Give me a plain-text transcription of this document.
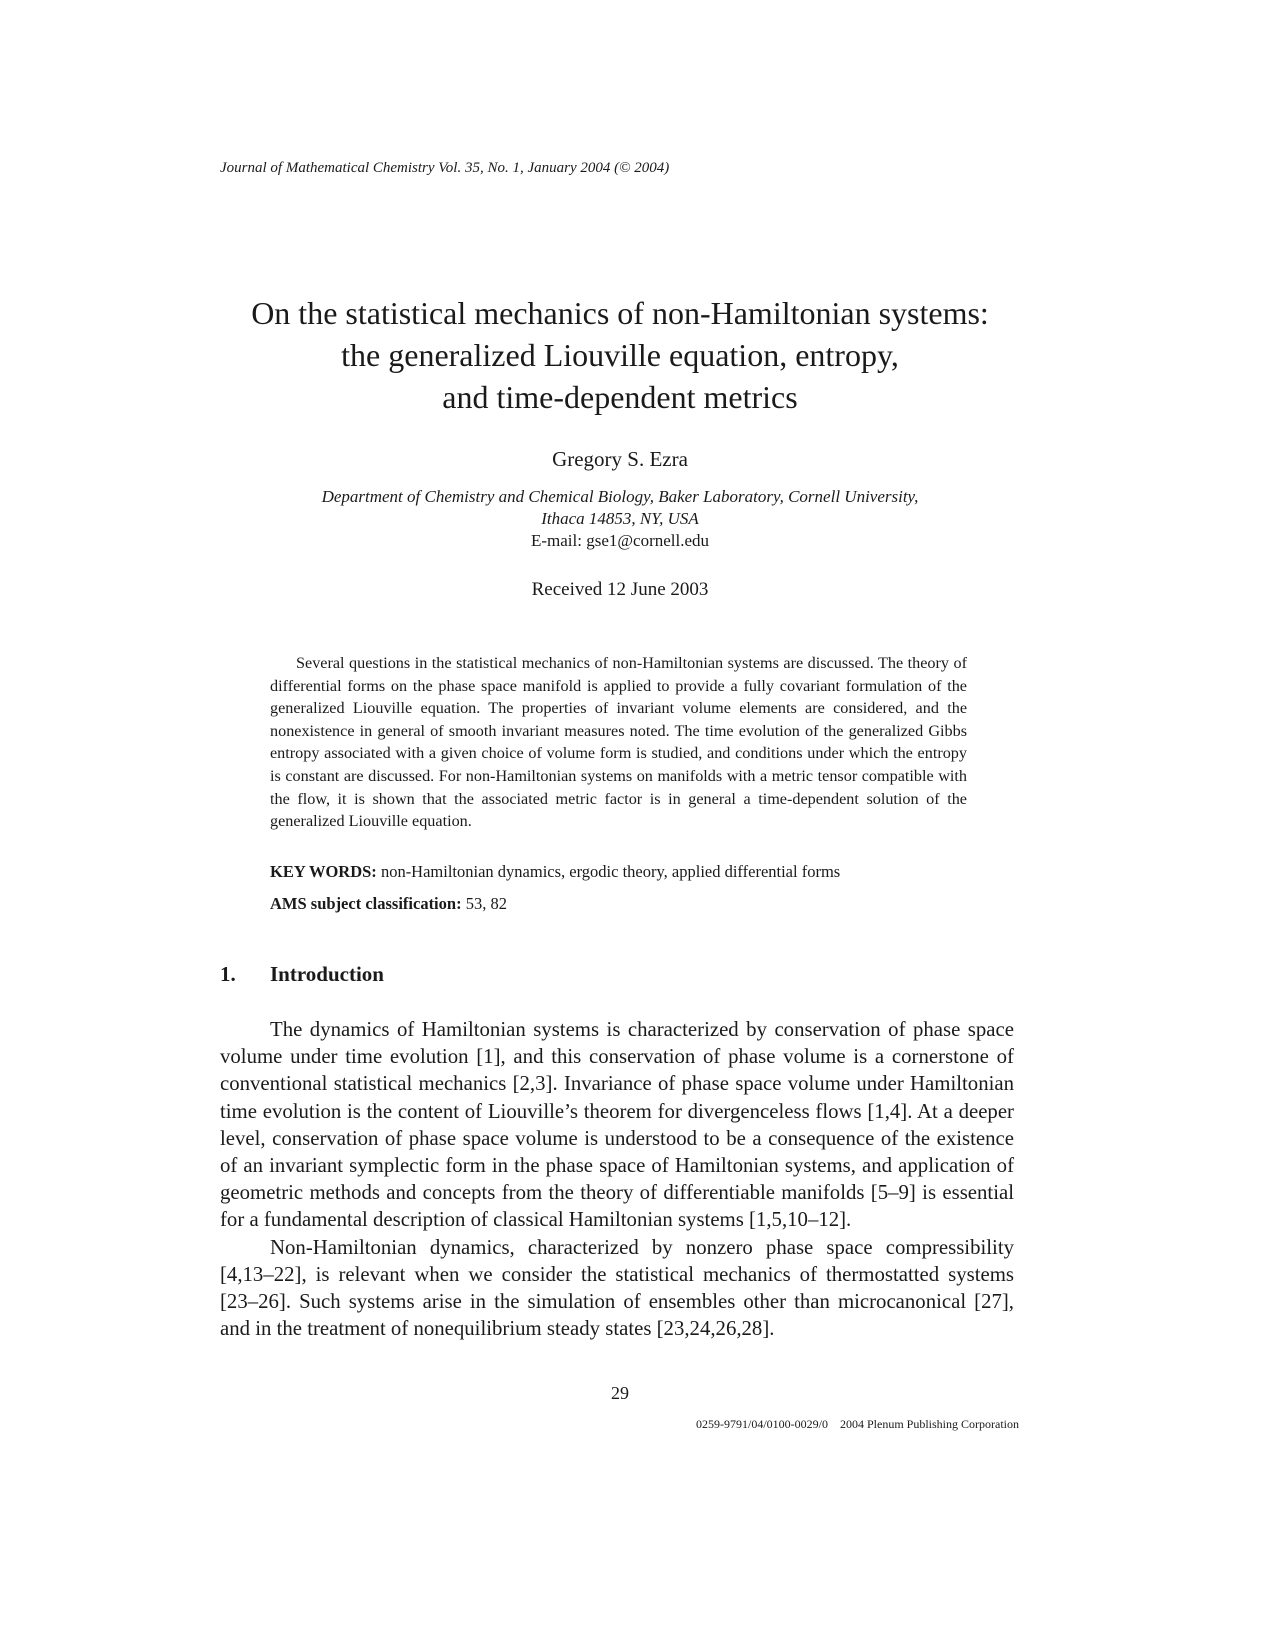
Journal of Mathematical Chemistry Vol. 35, No. 1, January 2004 (© 2004)
On the statistical mechanics of non-Hamiltonian systems:
the generalized Liouville equation, entropy,
and time-dependent metrics
Gregory S. Ezra
Department of Chemistry and Chemical Biology, Baker Laboratory, Cornell University,
Ithaca 14853, NY, USA
E-mail: gse1@cornell.edu
Received 12 June 2003

Several questions in the statistical mechanics of non-Hamiltonian systems are discussed. The theory of differential forms on the phase space manifold is applied to provide a fully covariant formulation of the generalized Liouville equation. The properties of invariant volume elements are considered, and the nonexistence in general of smooth invariant measures noted. The time evolution of the generalized Gibbs entropy associated with a given choice of volume form is studied, and conditions under which the entropy is constant are discussed. For non-Hamiltonian systems on manifolds with a metric tensor compatible with the flow, it is shown that the associated metric factor is in general a time-dependent solution of the generalized Liouville equation.

KEY WORDS: non-Hamiltonian dynamics, ergodic theory, applied differential forms
AMS subject classification: 53, 82
1. Introduction

The dynamics of Hamiltonian systems is characterized by conservation of phase space volume under time evolution [1], and this conservation of phase volume is a cornerstone of conventional statistical mechanics [2,3]. Invariance of phase space volume under Hamiltonian time evolution is the content of Liouville’s theorem for divergenceless flows [1,4]. At a deeper level, conservation of phase space volume is understood to be a consequence of the existence of an invariant symplectic form in the phase space of Hamiltonian systems, and application of geometric methods and concepts from the theory of differentiable manifolds [5–9] is essential for a fundamental description of classical Hamiltonian systems [1,5,10–12].

Non-Hamiltonian dynamics, characterized by nonzero phase space compressibility [4,13–22], is relevant when we consider the statistical mechanics of thermostatted systems [23–26]. Such systems arise in the simulation of ensembles other than microcanonical [27], and in the treatment of nonequilibrium steady states [23,24,26,28].

29
0259-9791/04/0100-0029/0 2004 Plenum Publishing Corporation
